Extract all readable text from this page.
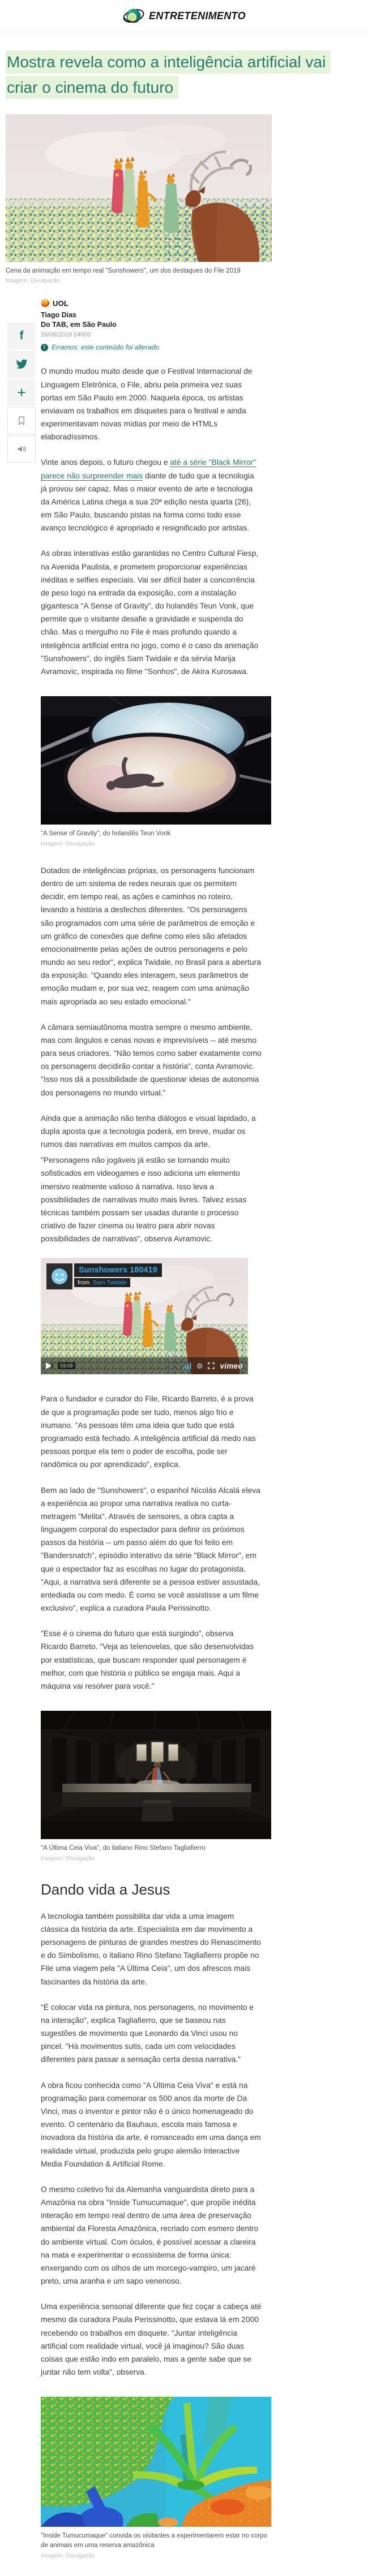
ENTRETENIMENTO
Mostra revela como a inteligência artificial vai criar o cinema do futuro
Cena da animação em tempo real "Sunshowers", um dos destaques do File 2019
Imagem: Divulgação
UOL
Tiago Dias
Do TAB, em São Paulo
26/06/2019 04h00
! Erramos: este conteúdo foi alterado
f
+

O mundo mudou muito desde que o Festival Internacional de Linguagem Eletrônica, o File, abriu pela primeira vez suas portas em São Paulo em 2000. Naquela época, os artistas enviavam os trabalhos em disquetes para o festival e ainda experimentavam novas mídias por meio de HTMLs elaboradíssimos.

Vinte anos depois, o futuro chegou e até a série "Black Mirror" parece não surpreender mais diante de tudo que a tecnologia já provou ser capaz. Mas o maior evento de arte e tecnologia da América Latina chega a sua 20ª edição nesta quarta (26), em São Paulo, buscando pistas na forma como todo esse avanço tecnológico é apropriado e resignificado por artistas.

As obras interativas estão garantidas no Centro Cultural Fiesp, na Avenida Paulista, e prometem proporcionar experiências inéditas e selfies especiais. Vai ser difícil bater a concorrência de peso logo na entrada da exposição, com a instalação gigantesca "A Sense of Gravity", do holandês Teun Vonk, que permite que o visitante desafie a gravidade e suspenda do chão. Mas o mergulho no File é mais profundo quando a inteligência artificial entra no jogo, como é o caso da animação "Sunshowers", do inglês Sam Twidale e da sérvia Marija Avramovic, inspirada no filme "Sonhos", de Akira Kurosawa.

"A Sense of Gravity", do holandês Teun Vonk
Imagem: Divulgação

Dotados de inteligências próprias, os personagens funcionam dentro de um sistema de redes neurais que os permitem decidir, em tempo real, as ações e caminhos no roteiro, levando a história a desfechos diferentes. "Os personagens são programados com uma série de parâmetros de emoção e um gráfico de conexões que define como eles são afetados emocionalmente pelas ações de outros personagens e pelo mundo ao seu redor", explica Twidale, no Brasil para a abertura da exposição. "Quando eles interagem, seus parâmetros de emoção mudam e, por sua vez, reagem com uma animação mais apropriada ao seu estado emocional."

A câmara semiautônoma mostra sempre o mesmo ambiente, mas com ângulos e cenas novas e imprevisíveis -- até mesmo para seus criadores. "Não temos como saber exatamente como os personagens decidirão contar a história", conta Avramovic. "Isso nos dá a possibilidade de questionar ideias de autonomia dos personagens no mundo virtual."

Ainda que a animação não tenha diálogos e visual lapidado, a dupla aposta que a tecnologia poderá, em breve, mudar os rumos das narrativas em muitos campos da arte.

"Personagens não jogáveis já estão se tornando muito sofisticados em videogames e isso adiciona um elemento imersivo realmente valioso à narrativa. Isso leva a possibilidades de narrativas muito mais livres. Talvez essas técnicas também possam ser usadas durante o processo criativo de fazer cinema ou teatro para abrir novas possibilidades de narrativas", observa Avramovic.

Sunshowers 180419
from Sam Twidale
03:09	⚙ vimeo

Para o fundador e curador do File, Ricardo Barreto, é a prova de que a programação pode ser tudo, menos algo frio e inumano. "As pessoas têm uma ideia que tudo que está programado está fechado. A inteligência artificial dá medo nas pessoas porque ela tem o poder de escolha, pode ser randômica ou por aprendizado", explica.

Bem ao lado de "Sunshowers", o espanhol Nicolás Alcalá eleva a experiência ao propor uma narrativa reativa no curta-metragem "Melita". Através de sensores, a obra capta a linguagem corporal do espectador para definir os próximos passos da história -- um passo além do que foi feito em "Bandersnatch", episódio interativo da série "Black Mirror", em que o espectador faz as escolhas no lugar do protagonista. "Aqui, a narrativa será diferente se a pessoa estiver assustada, entediada ou com medo. É como se você assistisse a um filme exclusivo", explica a curadora Paula Perissinotto.

"Esse é o cinema do futuro que está surgindo", observa Ricardo Barreto. "Veja as telenovelas, que são desenvolvidas por estatísticas, que buscam responder qual personagem é melhor, com que história o público se engaja mais. Aqui a máquina vai resolver para você."

"A Última Ceia Viva", do italiano Rino Stefano Tagliafierro
Imagem: Divulgação
Dando vida a Jesus

A tecnologia também possibilita dar vida a uma imagem clássica da história da arte. Especialista em dar movimento a personagens de pinturas de grandes mestres do Renascimento e do Simbolismo, o italiano Rino Stefano Tagliafierro propõe no File uma viagem pela "A Última Ceia", um dos afrescos mais fascinantes da história da arte.

"É colocar vida na pintura, nos personagens, no movimento e na interação", explica Tagliafierro, que se baseou nas sugestões de movimento que Leonardo da Vinci usou no pincel. "Há movimentos sutis, cada um com velocidades diferentes para passar a sensação certa dessa narrativa."

A obra ficou conhecida como "A Última Ceia Viva" e está na programação para comemorar os 500 anos da morte de Da Vinci, mas o inventor e pintor não é o único homenageado do evento. O centenário da Bauhaus, escola mais famosa e inovadora da história da arte, é romanceado em uma dança em realidade virtual, produzida pelo grupo alemão Interactive Media Foundation & Artificial Rome.

O mesmo coletivo foi da Alemanha vanguardista direto para a Amazônia na obra "Inside Tumucumaque", que propõe inédita interação em tempo real dentro de uma área de preservação ambiental da Floresta Amazônica, recriado com esmero dentro do ambiente virtual. Com óculos, é possível acessar a clareira na mata e experimentar o ecossistema de forma única: enxergando com os olhos de um morcego-vampiro, um jacaré preto, uma aranha e um sapo venenoso.

Uma experiência sensorial diferente que fez coçar a cabeça até mesmo da curadora Paula Perissinotto, que estava lá em 2000 recebendo os trabalhos em disquete. "Juntar inteligência artificial com realidade virtual, você já imaginou? São duas coisas que estão indo em paralelo, mas a gente sabe que se juntar não tem volta", observa.

"Inside Tumucumaque" convida os visitantes a experimentarem estar no corpo de animais em uma reserva amazônica
Imagem: Divulgação
